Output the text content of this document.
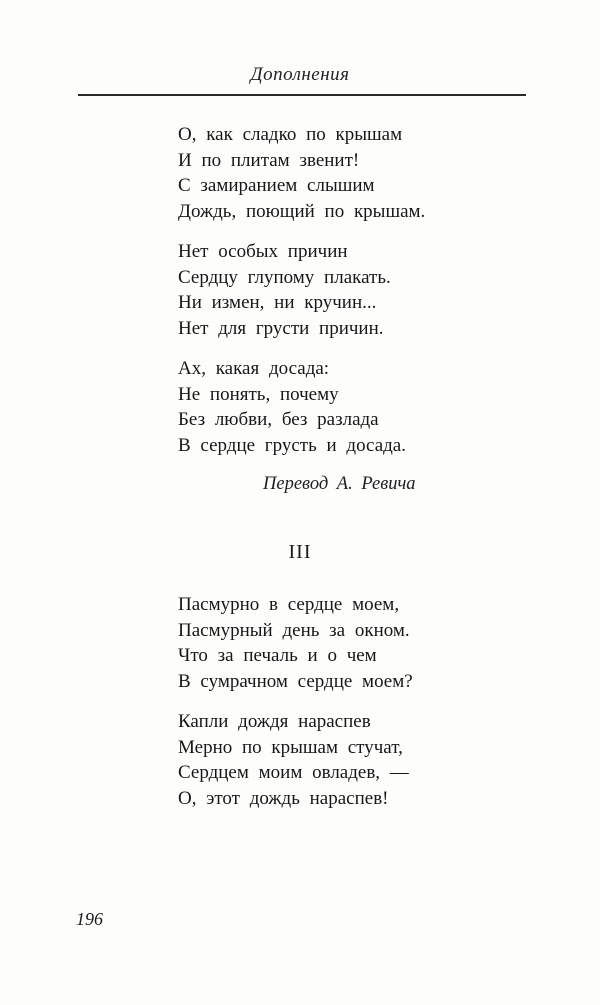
Дополнения
О, как сладко по крышам
И по плитам звенит!
С замиранием слышим
Дождь, поющий по крышам.
Нет особых причин
Сердцу глупому плакать.
Ни измен, ни кручин...
Нет для грусти причин.
Ах, какая досада:
Не понять, почему
Без любви, без разлада
В сердце грусть и досада.
Перевод А. Ревича
III
Пасмурно в сердце моем,
Пасмурный день за окном.
Что за печаль и о чем
В сумрачном сердце моем?
Капли дождя нараспев
Мерно по крышам стучат,
Сердцем моим овладев, —
О, этот дождь нараспев!
196
